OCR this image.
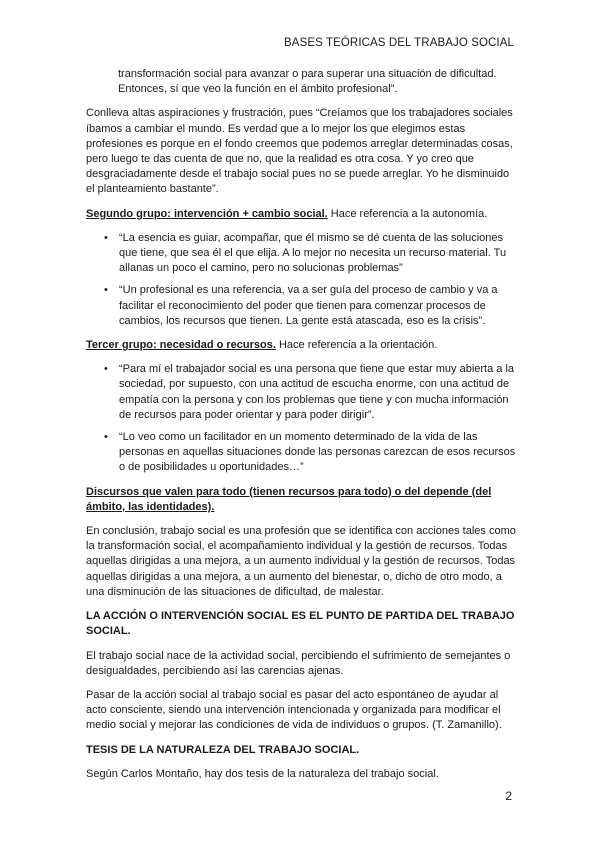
BASES TEÓRICAS DEL TRABAJO SOCIAL

transformación social para avanzar o para superar una situación de dificultad. Entonces, sí que veo la función en el ámbito profesional”.

Conlleva altas aspiraciones y frustración, pues “Creíamos que los trabajadores sociales íbamos a cambiar el mundo. Es verdad que a lo mejor los que elegimos estas profesiones es porque en el fondo creemos que podemos arreglar determinadas cosas, pero luego te das cuenta de que no, que la realidad es otra cosa. Y yo creo que desgraciadamente desde el trabajo social pues no se puede arreglar. Yo he disminuido el planteamiento bastante”.

Segundo grupo: intervención + cambio social. Hace referencia a la autonomía.

• “La esencia es guiar, acompañar, que él mismo se dé cuenta de las soluciones que tiene, que sea él el que elija. A lo mejor no necesita un recurso material. Tu allanas un poco el camino, pero no solucionas problemas”
• “Un profesional es una referencia, va a ser guía del proceso de cambio y va a facilitar el reconocimiento del poder que tienen para comenzar procesos de cambios, los recursos que tienen. La gente está atascada, eso es la crisis”.

Tercer grupo: necesidad o recursos. Hace referencia a la orientación.

• “Para mí el trabajador social es una persona que tiene que estar muy abierta a la sociedad, por supuesto, con una actitud de escucha enorme, con una actitud de empatía con la persona y con los problemas que tiene y con mucha información de recursos para poder orientar y para poder dirigir”.
• “Lo veo como un facilitador en un momento determinado de la vida de las personas en aquellas situaciones donde las personas carezcan de esos recursos o de posibilidades u oportunidades…”

Discursos que valen para todo (tienen recursos para todo) o del depende (del ámbito, las identidades).

En conclusión, trabajo social es una profesión que se identifica con acciones tales como la transformación social, el acompañamiento individual y la gestión de recursos. Todas aquellas dirigidas a una mejora, a un aumento individual y la gestión de recursos. Todas aquellas dirigidas a una mejora, a un aumento del bienestar, o, dicho de otro modo, a una disminución de las situaciones de dificultad, de malestar.

LA ACCIÓN O INTERVENCIÓN SOCIAL ES EL PUNTO DE PARTIDA DEL TRABAJO SOCIAL.

El trabajo social nace de la actividad social, percibiendo el sufrimiento de semejantes o desigualdades, percibiendo así las carencias ajenas.

Pasar de la acción social al trabajo social es pasar del acto espontáneo de ayudar al acto consciente, siendo una intervención intencionada y organizada para modificar el medio social y mejorar las condiciones de vida de individuos o grupos. (T. Zamanillo).

TESIS DE LA NATURALEZA DEL TRABAJO SOCIAL.

Según Carlos Montaño, hay dos tesis de la naturaleza del trabajo social.

2
